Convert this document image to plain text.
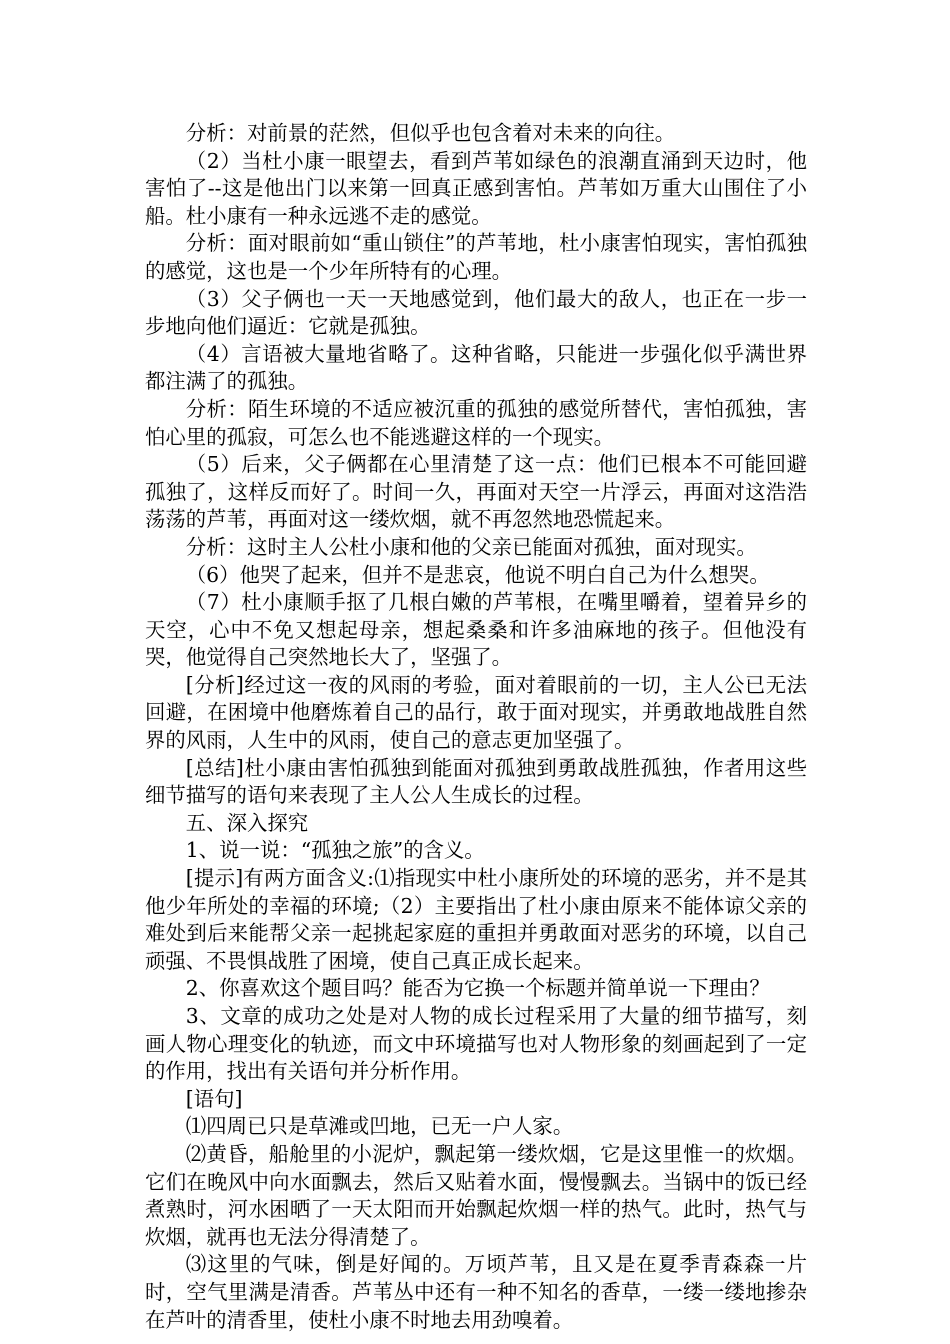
分析：对前景的茫然，但似乎也包含着对未来的向往。

（2）当杜小康一眼望去，看到芦苇如绿色的浪潮直涌到天边时，他害怕了--这是他出门以来第一回真正感到害怕。芦苇如万重大山围住了小船。杜小康有一种永远逃不走的感觉。

分析：面对眼前如“重山锁住”的芦苇地，杜小康害怕现实，害怕孤独的感觉，这也是一个少年所特有的心理。

（3）父子俩也一天一天地感觉到，他们最大的敌人，也正在一步一步地向他们逼近：它就是孤独。

（4）言语被大量地省略了。这种省略，只能进一步强化似乎满世界都注满了的孤独。

分析：陌生环境的不适应被沉重的孤独的感觉所替代，害怕孤独，害怕心里的孤寂，可怎么也不能逃避这样的一个现实。

（5）后来，父子俩都在心里清楚了这一点：他们已根本不可能回避孤独了，这样反而好了。时间一久，再面对天空一片浮云，再面对这浩浩荡荡的芦苇，再面对这一缕炊烟，就不再忽然地恐慌起来。

分析：这时主人公杜小康和他的父亲已能面对孤独，面对现实。

（6）他哭了起来，但并不是悲哀，他说不明白自己为什么想哭。

（7）杜小康顺手抠了几根白嫩的芦苇根，在嘴里嚼着，望着异乡的天空，心中不免又想起母亲，想起桑桑和许多油麻地的孩子。但他没有哭，他觉得自己突然地长大了，坚强了。

[分析]经过这一夜的风雨的考验，面对着眼前的一切，主人公已无法回避，在困境中他磨炼着自己的品行，敢于面对现实，并勇敢地战胜自然界的风雨，人生中的风雨，使自己的意志更加坚强了。

[总结]杜小康由害怕孤独到能面对孤独到勇敢战胜孤独，作者用这些细节描写的语句来表现了主人公人生成长的过程。

五、深入探究

1、说一说：“孤独之旅”的含义。

[提示]有两方面含义:⑴指现实中杜小康所处的环境的恶劣，并不是其他少年所处的幸福的环境;（2）主要指出了杜小康由原来不能体谅父亲的难处到后来能帮父亲一起挑起家庭的重担并勇敢面对恶劣的环境，以自己顽强、不畏惧战胜了困境，使自己真正成长起来。

2、你喜欢这个题目吗？能否为它换一个标题并简单说一下理由？

3、文章的成功之处是对人物的成长过程采用了大量的细节描写，刻画人物心理变化的轨迹，而文中环境描写也对人物形象的刻画起到了一定的作用，找出有关语句并分析作用。

[语句]

⑴四周已只是草滩或凹地，已无一户人家。

⑵黄昏，船舱里的小泥炉，飘起第一缕炊烟，它是这里惟一的炊烟。它们在晚风中向水面飘去，然后又贴着水面，慢慢飘去。当锅中的饭已经煮熟时，河水困晒了一天太阳而开始飘起炊烟一样的热气。此时，热气与炊烟，就再也无法分得清楚了。

⑶这里的气味，倒是好闻的。万顷芦苇，且又是在夏季青森森一片时，空气里满是清香。芦苇丛中还有一种不知名的香草，一缕一缕地掺杂在芦叶的清香里，使杜小康不时地去用劲嗅着。
